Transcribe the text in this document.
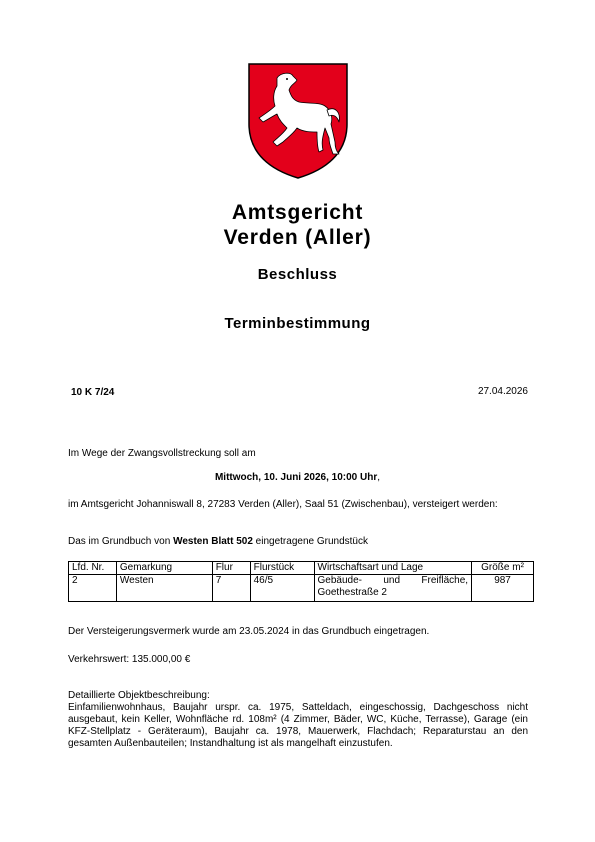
Amtsgericht
Verden (Aller)
Beschluss
Terminbestimmung
10 K 7/24	27.04.2026
Im Wege der Zwangsvollstreckung soll am
Mittwoch, 10. Juni 2026, 10:00 Uhr,
im Amtsgericht Johanniswall 8, 27283 Verden (Aller), Saal 51 (Zwischenbau), versteigert werden:
Das im Grundbuch von Westen Blatt 502 eingetragene Grundstück
Lfd. Nr.	Gemarkung	Flur	Flurstück	Wirtschaftsart und Lage	Größe m²
2	Westen	7	46/5	Gebäude- und Freifläche, Goethestraße 2	987
Der Versteigerungsvermerk wurde am 23.05.2024 in das Grundbuch eingetragen.
Verkehrswert: 135.000,00 €
Detaillierte Objektbeschreibung:
Einfamilienwohnhaus, Baujahr urspr. ca. 1975, Satteldach, eingeschossig, Dachgeschoss nicht ausgebaut, kein Keller, Wohnfläche rd. 108m² (4 Zimmer, Bäder, WC, Küche, Terrasse), Garage (ein KFZ-Stellplatz - Geräteraum), Baujahr ca. 1978, Mauerwerk, Flachdach; Reparaturstau an den gesamten Außenbauteilen; Instandhaltung ist als mangelhaft einzustufen.
